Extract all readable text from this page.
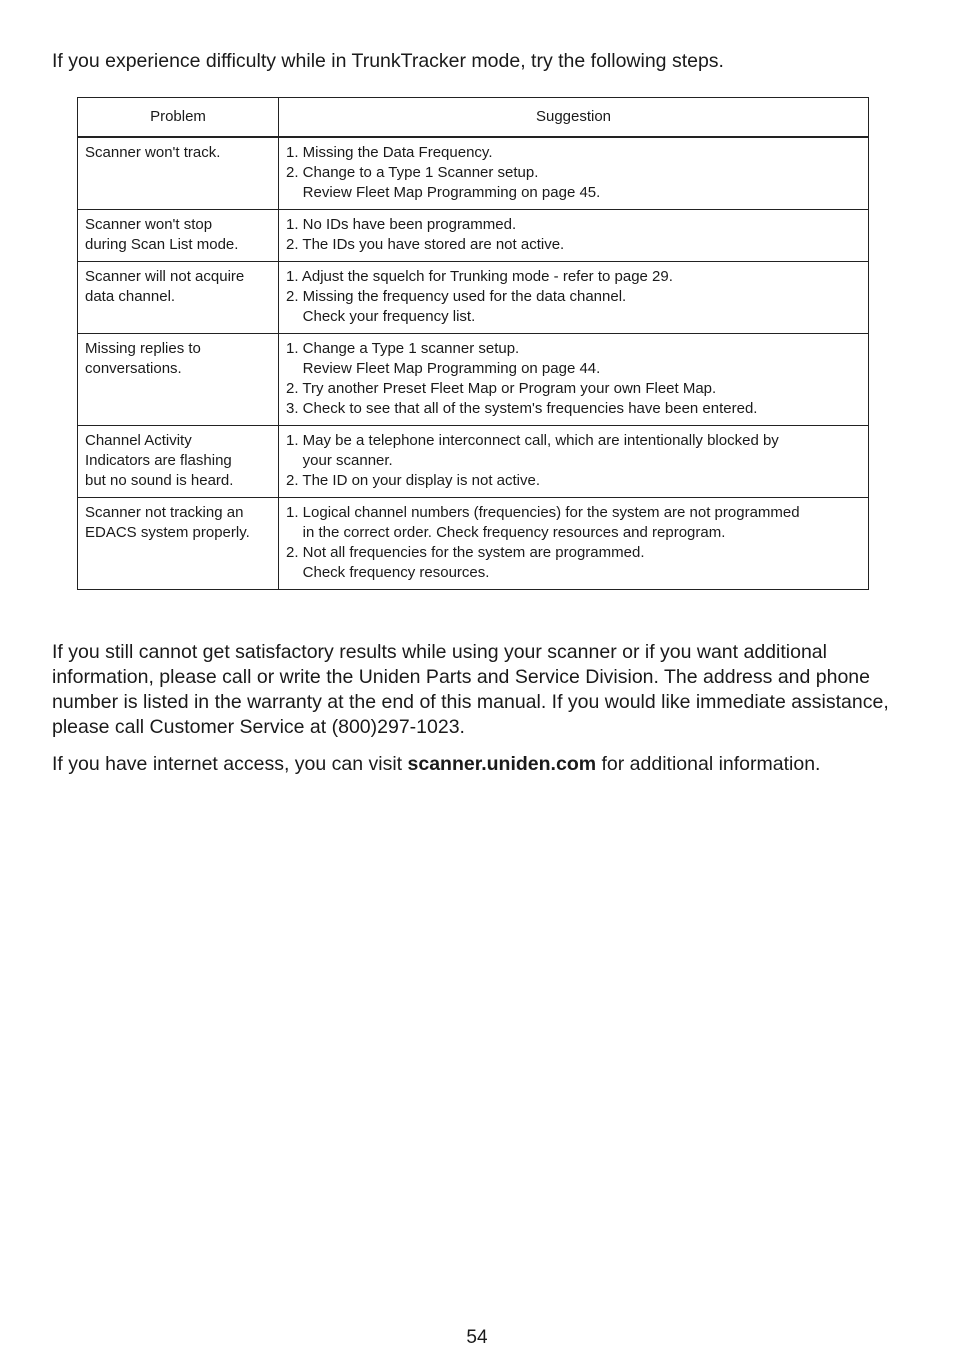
If you experience difficulty while in TrunkTracker mode, try the following steps.

Problem	Suggestion

Scanner won't track.	1. Missing the Data Frequency.
2. Change to a Type 1 Scanner setup.
Review Fleet Map Programming on page 45.

Scanner won't stop
during Scan List mode.	1. No IDs have been programmed.
2. The IDs you have stored are not active.

Scanner will not acquire
data channel.	1. Adjust the squelch for Trunking mode - refer to page 29.
2. Missing the frequency used for the data channel.
Check your frequency list.

Missing replies to
conversations.	1. Change a Type 1 scanner setup.
Review Fleet Map Programming on page 44.
2. Try another Preset Fleet Map or Program your own Fleet Map.
3. Check to see that all of the system's frequencies have been entered.

Channel Activity
Indicators are flashing
but no sound is heard.	1. May be a telephone interconnect call, which are intentionally blocked by
your scanner.
2. The ID on your display is not active.

Scanner not tracking an
EDACS system properly.	1. Logical channel numbers (frequencies) for the system are not programmed
in the correct order. Check frequency resources and reprogram.
2. Not all frequencies for the system are programmed.
Check frequency resources.

If you still cannot get satisfactory results while using your scanner or if you want additional information, please call or write the Uniden Parts and Service Division. The address and phone number is listed in the warranty at the end of this manual. If you would like immediate assistance, please call Customer Service at (800)297-1023.

If you have internet access, you can visit scanner.uniden.com for additional information.

54
